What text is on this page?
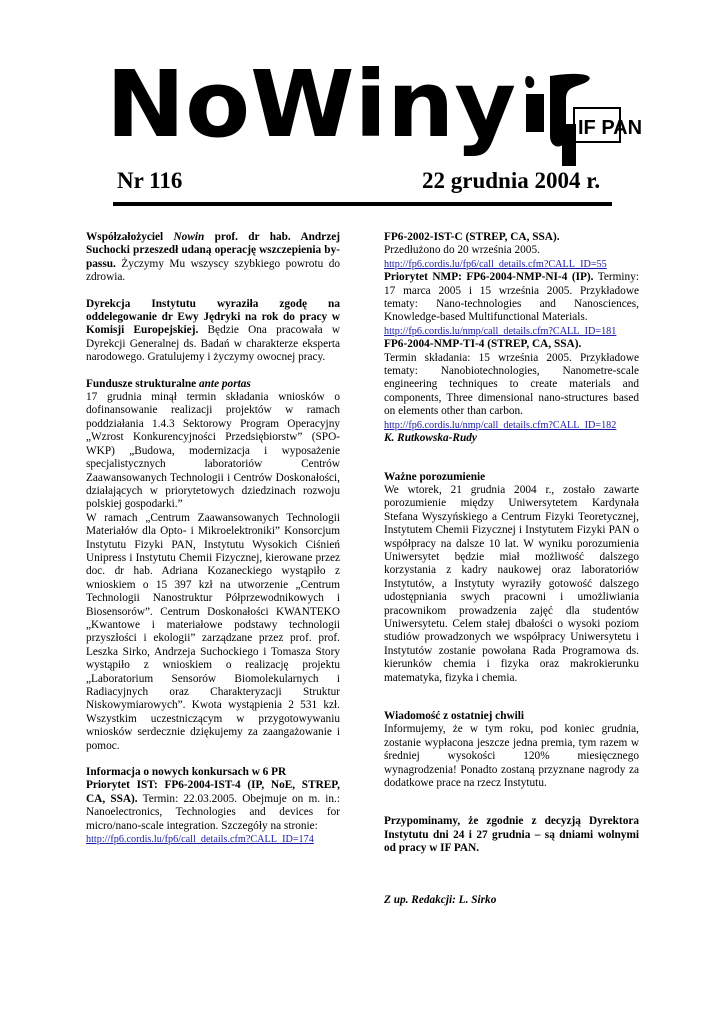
NoWiny	IF PAN
Nr 116	22 grudnia 2004 r.

Współzałożyciel Nowin prof. dr hab. Andrzej Suchocki przeszedł udaną operację wszczepienia by-passu. Życzymy Mu wszyscy szybkiego powrotu do zdrowia.

Dyrekcja Instytutu wyraziła zgodę na oddelegowanie dr Ewy Jędryki na rok do pracy w Komisji Europejskiej. Będzie Ona pracowała w Dyrekcji Generalnej ds. Badań w charakterze eksperta narodowego. Gratulujemy i życzymy owocnej pracy.

Fundusze strukturalne ante portas

17 grudnia minął termin składania wniosków o dofinansowanie realizacji projektów w ramach poddziałania 1.4.3 Sektorowy Program Operacyjny „Wzrost Konkurencyjności Przedsiębiorstw” (SPO-WKP) „Budowa, modernizacja i wyposażenie specjalistycznych laboratoriów Centrów Zaawansowanych Technologii i Centrów Doskonałości, działających w priorytetowych dziedzinach rozwoju polskiej gospodarki.”

W ramach „Centrum Zaawansowanych Technologii Materiałów dla Opto- i Mikroelektroniki” Konsorcjum Instytutu Fizyki PAN, Instytutu Wysokich Ciśnień Unipress i Instytutu Chemii Fizycznej, kierowane przez doc. dr hab. Adriana Kozaneckiego wystąpiło z wnioskiem o 15 397 kzł na utworzenie „Centrum Technologii Nanostruktur Półprzewodnikowych i Biosensorów”. Centrum Doskonałości KWANTEKO „Kwantowe i materiałowe podstawy technologii przyszłości i ekologii” zarządzane przez prof. prof. Leszka Sirko, Andrzeja Suchockiego i Tomasza Story wystąpiło z wnioskiem o realizację projektu „Laboratorium Sensorów Biomolekularnych i Radiacyjnych oraz Charakteryzacji Struktur Niskowymiarowych”. Kwota wystąpienia 2 531 kzł. Wszystkim uczestniczącym w przygotowywaniu wniosków serdecznie dziękujemy za zaangażowanie i pomoc.

Informacja o nowych konkursach w 6 PR

Priorytet IST: FP6-2004-IST-4 (IP, NoE, STREP, CA, SSA). Termin: 22.03.2005. Obejmuje on m. in.: Nanoelectronics, Technologies and devices for micro/nano-scale integration. Szczegóły na stronie:

http://fp6.cordis.lu/fp6/call_details.cfm?CALL_ID=174

FP6-2002-IST-C (STREP, CA, SSA).

Przedłużono do 20 września 2005.

http://fp6.cordis.lu/fp6/call_details.cfm?CALL_ID=55

Priorytet NMP: FP6-2004-NMP-NI-4 (IP). Terminy: 17 marca 2005 i 15 września 2005. Przykładowe tematy: Nano-technologies and Nanosciences, Knowledge-based Multifunctional Materials.

http://fp6.cordis.lu/nmp/call_details.cfm?CALL_ID=181

FP6-2004-NMP-TI-4 (STREP, CA, SSA).

Termin składania: 15 września 2005. Przykładowe tematy: Nanobiotechnologies, Nanometre-scale engineering techniques to create materials and components, Three dimensional nano-structures based on elements other than carbon.

http://fp6.cordis.lu/nmp/call_details.cfm?CALL_ID=182

K. Rutkowska-Rudy

Ważne porozumienie

We wtorek, 21 grudnia 2004 r., zostało zawarte porozumienie między Uniwersytetem Kardynała Stefana Wyszyńskiego a Centrum Fizyki Teoretycznej, Instytutem Chemii Fizycznej i Instytutem Fizyki PAN o współpracy na dalsze 10 lat. W wyniku porozumienia Uniwersytet będzie miał możliwość dalszego korzystania z kadry naukowej oraz laboratoriów Instytutów, a Instytuty wyraziły gotowość dalszego udostępniania swych pracowni i umożliwiania pracownikom prowadzenia zajęć dla studentów Uniwersytetu. Celem stałej dbałości o wysoki poziom studiów prowadzonych we współpracy Uniwersytetu i Instytutów zostanie powołana Rada Programowa ds. kierunków chemia i fizyka oraz makrokierunku matematyka, fizyka i chemia.

Wiadomość z ostatniej chwili

Informujemy, że w tym roku, pod koniec grudnia, zostanie wypłacona jeszcze jedna premia, tym razem w średniej wysokości 120% miesięcznego wynagrodzenia! Ponadto zostaną przyznane nagrody za dodatkowe prace na rzecz Instytutu.

Przypominamy, że zgodnie z decyzją Dyrektora Instytutu dni 24 i 27 grudnia – są dniami wolnymi od pracy w IF PAN.

Z up. Redakcji: L. Sirko
